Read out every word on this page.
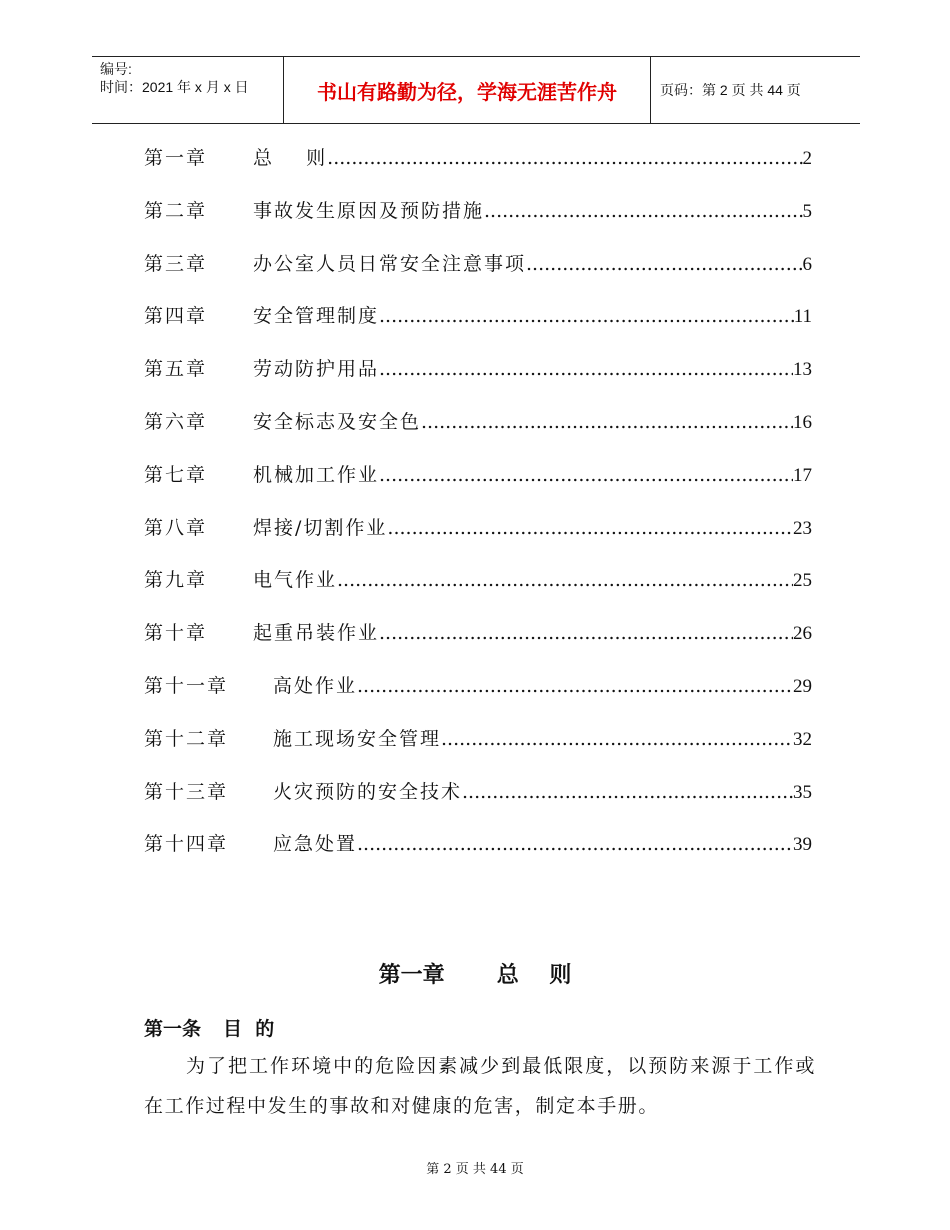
编号:
时间：2021 年 x 月 x 日	书山有路勤为径，学海无涯苦作舟	页码：第 2 页 共 44 页
第一章 总    则 .....	2
第二章 事故发生原因及预防措施 .....	5
第三章 办公室人员日常安全注意事项 .....	6
第四章 安全管理制度 .....	11
第五章 劳动防护用品 .....	13
第六章 安全标志及安全色 .....	16
第七章 机械加工作业 .....	17
第八章 焊接/切割作业 .....	23
第九章 电气作业 .....	25
第十章 起重吊装作业 .....	26
第十一章 高处作业 .....	29
第十二章 施工现场安全管理 .....	32
第十三章 火灾预防的安全技术 .....	35
第十四章 应急处置 .....	39
第一章 总    则
第一条 目  的
为了把工作环境中的危险因素减少到最低限度，以预防来源于工作或在工作过程中发生的事故和对健康的危害，制定本手册。
第 2 页 共 44 页
